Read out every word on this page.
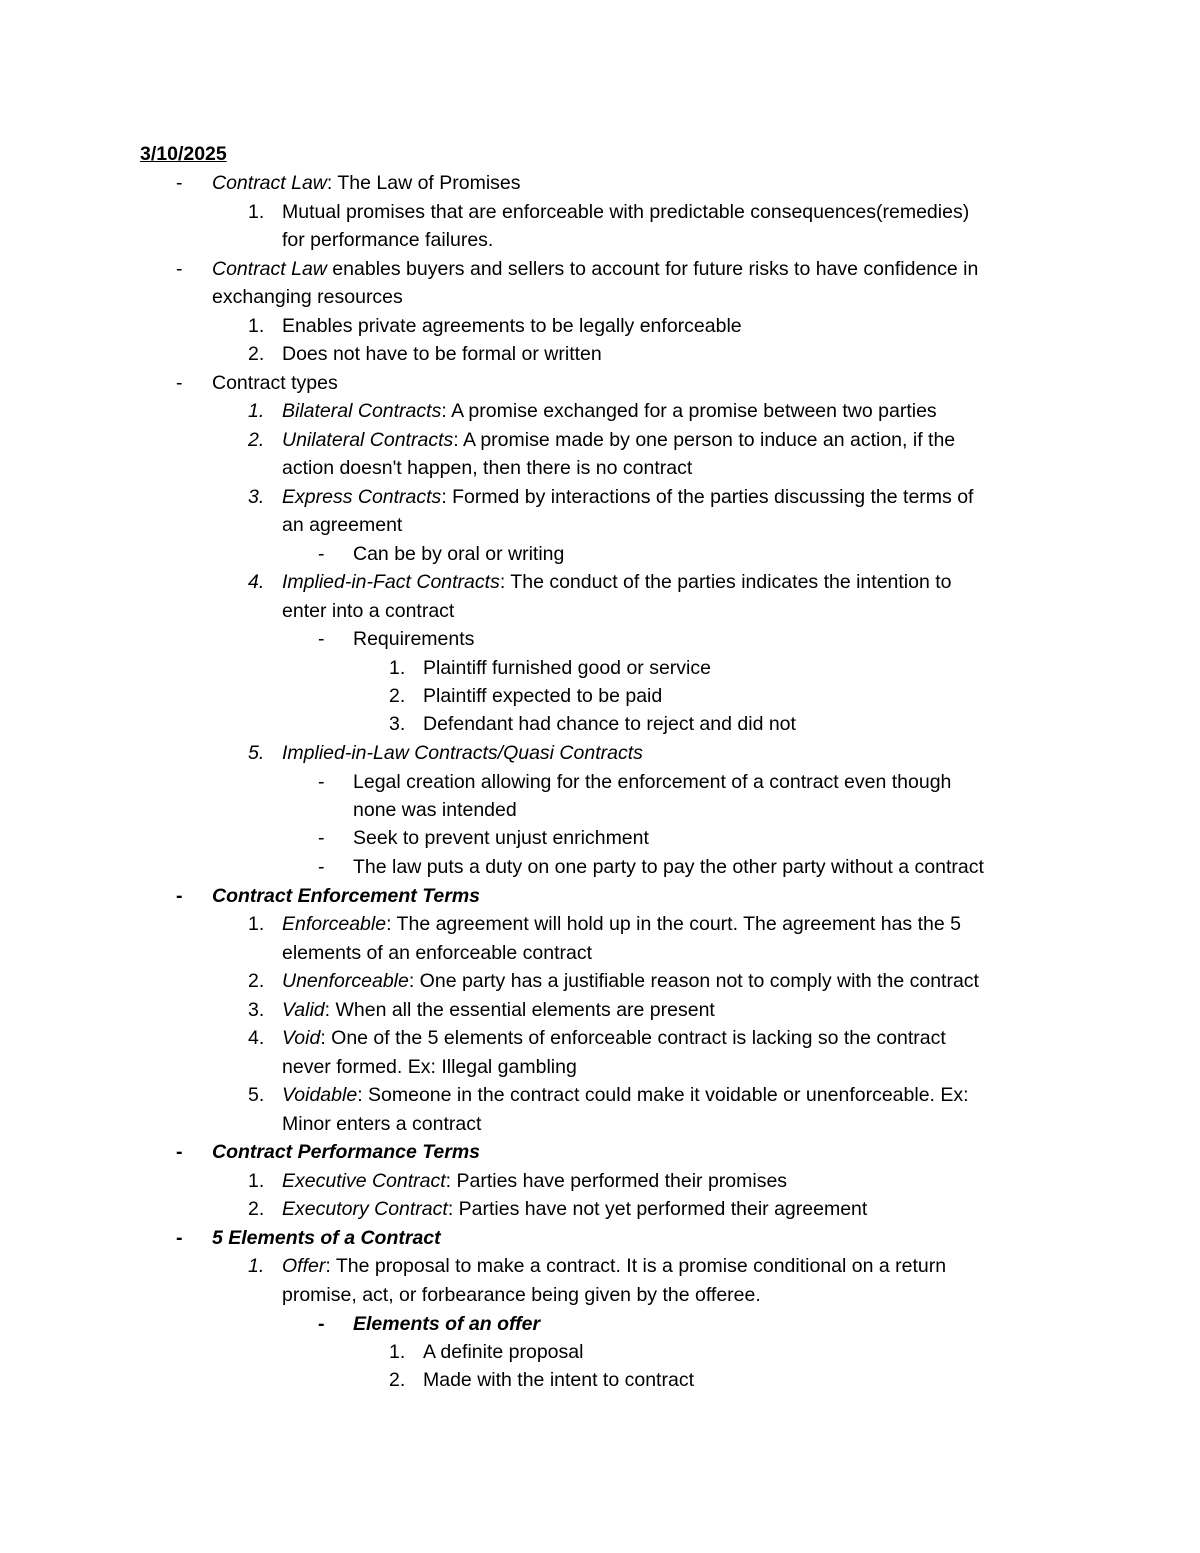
3/10/2025
- Contract Law: The Law of Promises
1. Mutual promises that are enforceable with predictable consequences(remedies)
for performance failures.
- Contract Law enables buyers and sellers to account for future risks to have confidence in
exchanging resources
1. Enables private agreements to be legally enforceable
2. Does not have to be formal or written
- Contract types
1. Bilateral Contracts: A promise exchanged for a promise between two parties
2. Unilateral Contracts: A promise made by one person to induce an action, if the
action doesn't happen, then there is no contract
3. Express Contracts: Formed by interactions of the parties discussing the terms of
an agreement
- Can be by oral or writing
4. Implied-in-Fact Contracts: The conduct of the parties indicates the intention to
enter into a contract
- Requirements
1. Plaintiff furnished good or service
2. Plaintiff expected to be paid
3. Defendant had chance to reject and did not
5. Implied-in-Law Contracts/Quasi Contracts
- Legal creation allowing for the enforcement of a contract even though
none was intended
- Seek to prevent unjust enrichment
- The law puts a duty on one party to pay the other party without a contract
- Contract Enforcement Terms
1. Enforceable: The agreement will hold up in the court. The agreement has the 5
elements of an enforceable contract
2. Unenforceable: One party has a justifiable reason not to comply with the contract
3. Valid: When all the essential elements are present
4. Void: One of the 5 elements of enforceable contract is lacking so the contract
never formed. Ex: Illegal gambling
5. Voidable: Someone in the contract could make it voidable or unenforceable. Ex:
Minor enters a contract
- Contract Performance Terms
1. Executive Contract: Parties have performed their promises
2. Executory Contract: Parties have not yet performed their agreement
- 5 Elements of a Contract
1. Offer: The proposal to make a contract. It is a promise conditional on a return
promise, act, or forbearance being given by the offeree.
- Elements of an offer
1. A definite proposal
2. Made with the intent to contract
